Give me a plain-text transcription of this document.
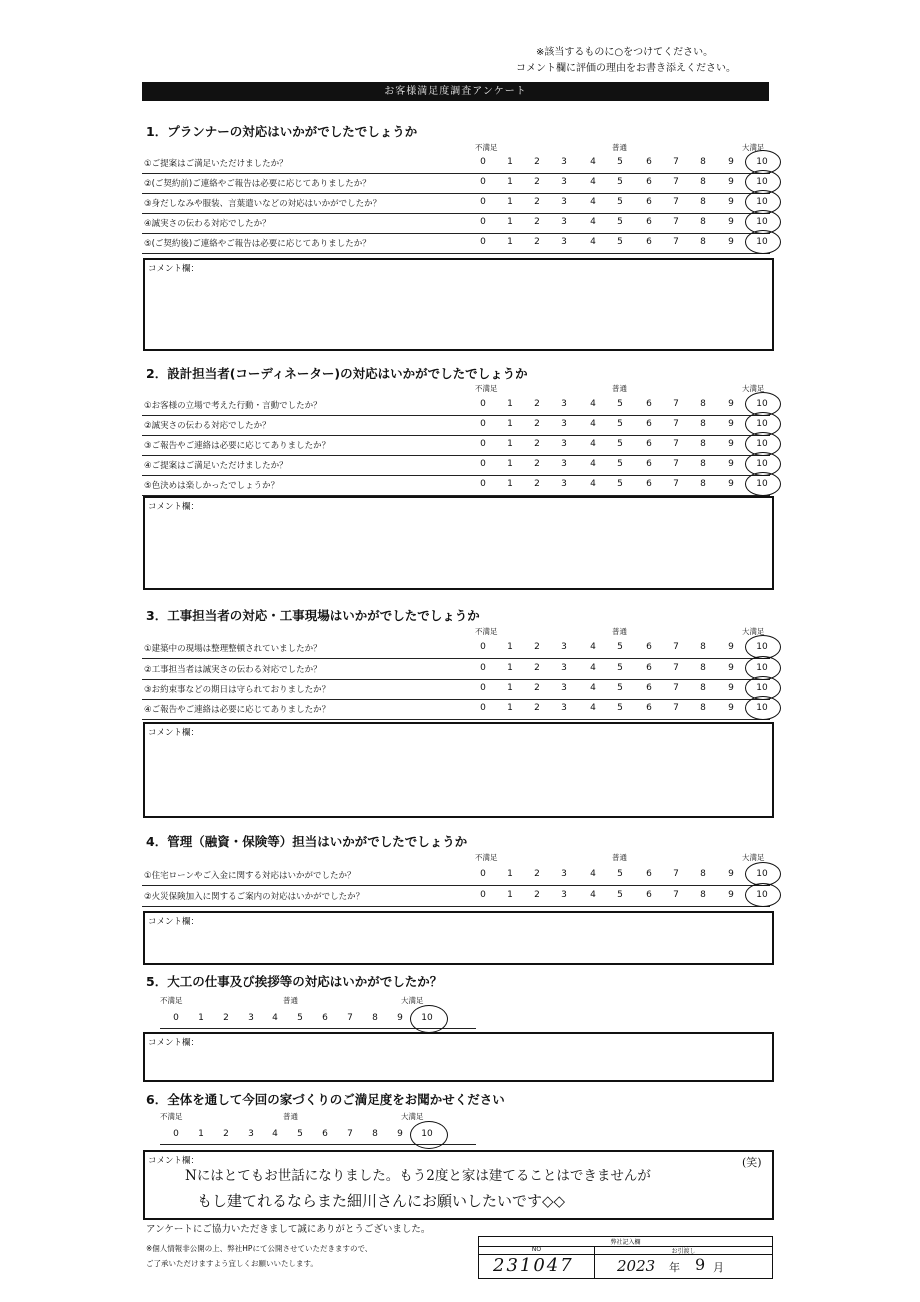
※該当するものに○をつけてください。
コメント欄に評価の理由をお書き添えください。
お客様満足度調査アンケート
1．プランナーの対応はいかがでしたでしょうか
不満足	普通	大満足
①ご提案はご満足いただけましたか？	0	1	2	3	4	5	6	7	8	9	10
②(ご契約前)ご連絡やご報告は必要に応じてありましたか？	0	1	2	3	4	5	6	7	8	9	10
③身だしなみや服装、言葉遣いなどの対応はいかがでしたか？	0	1	2	3	4	5	6	7	8	9	10
④誠実さの伝わる対応でしたか？	0	1	2	3	4	5	6	7	8	9	10
⑤(ご契約後)ご連絡やご報告は必要に応じてありましたか？	0	1	2	3	4	5	6	7	8	9	10
コメント欄：
2．設計担当者(コーディネーター)の対応はいかがでしたでしょうか
不満足	普通	大満足
①お客様の立場で考えた行動・言動でしたか？	0	1	2	3	4	5	6	7	8	9	10
②誠実さの伝わる対応でしたか？	0	1	2	3	4	5	6	7	8	9	10
③ご報告やご連絡は必要に応じてありましたか？	0	1	2	3	4	5	6	7	8	9	10
④ご提案はご満足いただけましたか？	0	1	2	3	4	5	6	7	8	9	10
⑤色決めは楽しかったでしょうか？	0	1	2	3	4	5	6	7	8	9	10
コメント欄：
3．工事担当者の対応・工事現場はいかがでしたでしょうか
不満足	普通	大満足
①建築中の現場は整理整頓されていましたか？	0	1	2	3	4	5	6	7	8	9	10
②工事担当者は誠実さの伝わる対応でしたか？	0	1	2	3	4	5	6	7	8	9	10
③お約束事などの期日は守られておりましたか？	0	1	2	3	4	5	6	7	8	9	10
④ご報告やご連絡は必要に応じてありましたか？	0	1	2	3	4	5	6	7	8	9	10
コメント欄：
4．管理（融資・保険等）担当はいかがでしたでしょうか
不満足	普通	大満足
①住宅ローンやご入金に関する対応はいかがでしたか？	0	1	2	3	4	5	6	7	8	9	10
②火災保険加入に関するご案内の対応はいかがでしたか？	0	1	2	3	4	5	6	7	8	9	10
コメント欄：
5．大工の仕事及び挨拶等の対応はいかがでしたか？
不満足	普通	大満足
0	1	2	3	4	5	6	7	8	9	10
コメント欄：
6．全体を通して今回の家づくりのご満足度をお聞かせください
不満足	普通	大満足
0	1	2	3	4	5	6	7	8	9	10
コメント欄：
Nにはとてもお世話になりました。もう2度と家は建てることはできませんが
(笑)
もし建てれるならまた細川さんにお願いしたいです◇◇
アンケートにご協力いただきまして誠にありがとうございました。
※個人情報非公開の上、弊社HPにて公開させていただきますので、
ご了承いただけますよう宜しくお願いいたします。
弊社記入欄
NO	お引渡し
231047	2023 年 9 月
